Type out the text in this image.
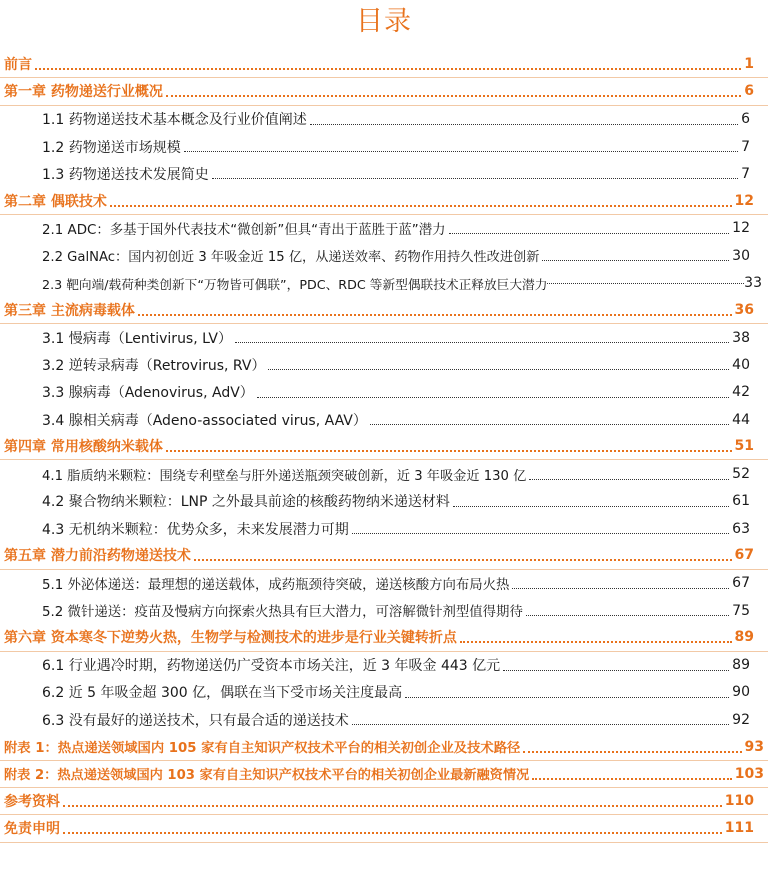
目录
前言	1
第一章 药物递送行业概况	6
1.1 药物递送技术基本概念及行业价值阐述	6
1.2 药物递送市场规模	7
1.3 药物递送技术发展简史	7
第二章 偶联技术	12
2.1 ADC：多基于国外代表技术“微创新”但具“青出于蓝胜于蓝”潜力	12
2.2 GalNAc：国内初创近 3 年吸金近 15 亿，从递送效率、药物作用持久性改进创新	30
2.3 靶向端/载荷种类创新下“万物皆可偶联”，PDC、RDC 等新型偶联技术正释放巨大潜力	33
第三章 主流病毒载体	36
3.1 慢病毒（Lentivirus, LV）	38
3.2 逆转录病毒（Retrovirus, RV）	40
3.3 腺病毒（Adenovirus, AdV）	42
3.4 腺相关病毒（Adeno-associated virus, AAV）	44
第四章 常用核酸纳米载体	51
4.1 脂质纳米颗粒：围绕专利壁垒与肝外递送瓶颈突破创新，近 3 年吸金近 130 亿	52
4.2 聚合物纳米颗粒：LNP 之外最具前途的核酸药物纳米递送材料	61
4.3 无机纳米颗粒：优势众多，未来发展潜力可期	63
第五章 潜力前沿药物递送技术	67
5.1 外泌体递送：最理想的递送载体，成药瓶颈待突破，递送核酸方向布局火热	67
5.2 微针递送：疫苗及慢病方向探索火热具有巨大潜力，可溶解微针剂型值得期待	75
第六章 资本寒冬下逆势火热，生物学与检测技术的进步是行业关键转折点	89
6.1 行业遇冷时期，药物递送仍广受资本市场关注，近 3 年吸金 443 亿元	89
6.2 近 5 年吸金超 300 亿，偶联在当下受市场关注度最高	90
6.3 没有最好的递送技术，只有最合适的递送技术	92
附表 1：热点递送领域国内 105 家有自主知识产权技术平台的相关初创企业及技术路径	93
附表 2：热点递送领域国内 103 家有自主知识产权技术平台的相关初创企业最新融资情况	103
参考资料	110
免责申明	111
